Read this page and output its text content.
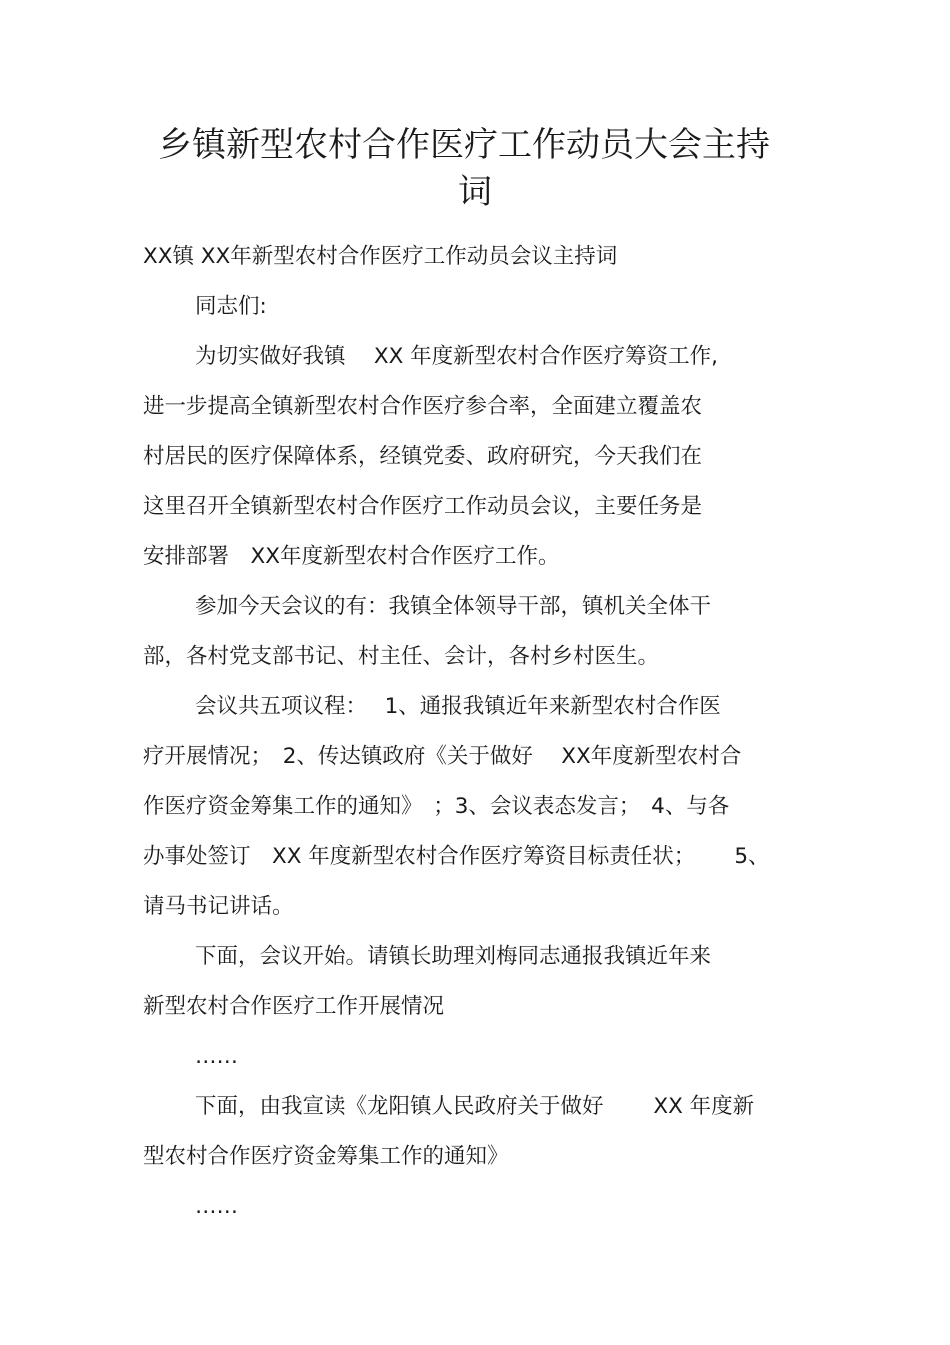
乡镇新型农村合作医疗工作动员大会主持
词
XX镇 XX年新型农村合作医疗工作动员会议主持词
同志们:
为切实做好我镇　 XX 年度新型农村合作医疗筹资工作,
进一步提高全镇新型农村合作医疗参合率，全面建立覆盖农
村居民的医疗保障体系，经镇党委、政府研究，今天我们在
这里召开全镇新型农村合作医疗工作动员会议，主要任务是
安排部署　XX年度新型农村合作医疗工作。
参加今天会议的有：我镇全体领导干部，镇机关全体干
部，各村党支部书记、村主任、会计，各村乡村医生。
会议共五项议程：　 1、通报我镇近年来新型农村合作医
疗开展情况；　2、传达镇政府《关于做好　 XX年度新型农村合
作医疗资金筹集工作的通知》　；3、会议表态发言；　4、与各
办事处签订　XX 年度新型农村合作医疗筹资目标责任状；　　 5、
请马书记讲话。
下面，会议开始。请镇长助理刘梅同志通报我镇近年来
新型农村合作医疗工作开展情况
……
下面，由我宣读《龙阳镇人民政府关于做好　　 XX 年度新
型农村合作医疗资金筹集工作的通知》
……
